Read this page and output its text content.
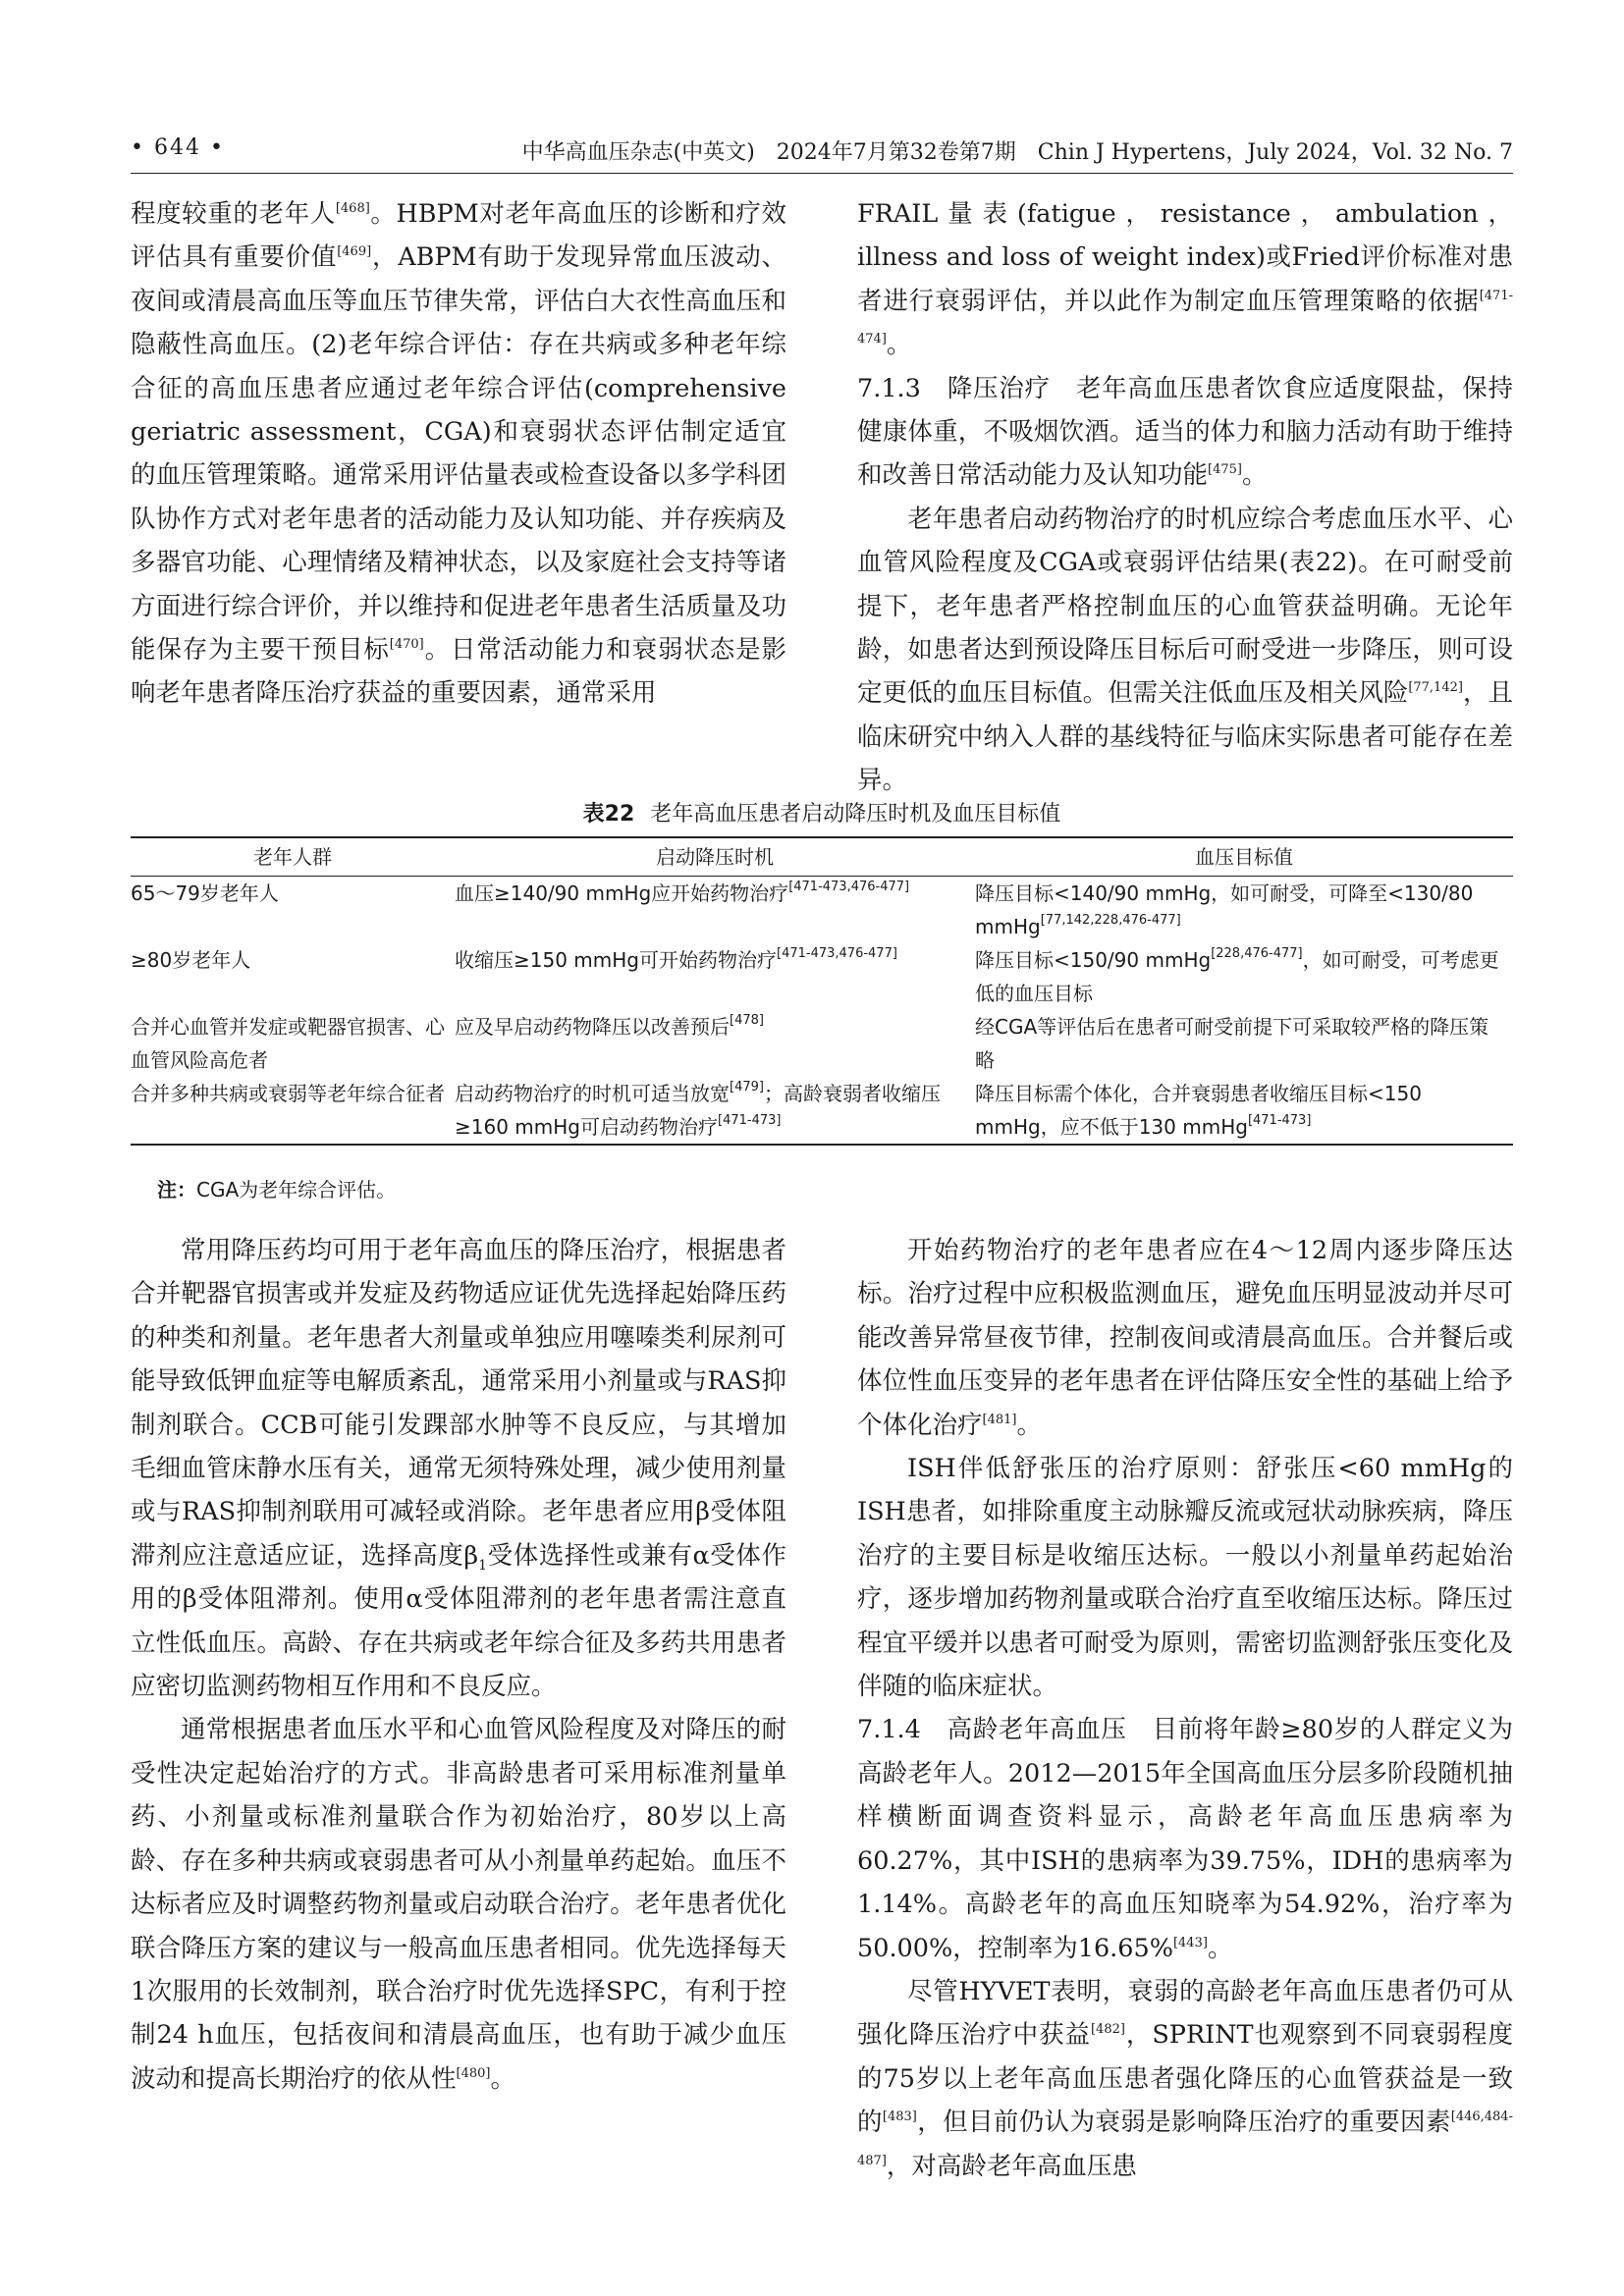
• 644 •	中华高血压杂志(中英文)　2024年7月第32卷第7期　Chin J Hypertens，July 2024，Vol. 32 No. 7

程度较重的老年人[468]。HBPM对老年高血压的诊断和疗效评估具有重要价值[469]，ABPM有助于发现异常血压波动、夜间或清晨高血压等血压节律失常，评估白大衣性高血压和隐蔽性高血压。(2)老年综合评估：存在共病或多种老年综合征的高血压患者应通过老年综合评估(comprehensive geriatric assessment，CGA)和衰弱状态评估制定适宜的血压管理策略。通常采用评估量表或检查设备以多学科团队协作方式对老年患者的活动能力及认知功能、并存疾病及多器官功能、心理情绪及精神状态，以及家庭社会支持等诸方面进行综合评价，并以维持和促进老年患者生活质量及功能保存为主要干预目标[470]。日常活动能力和衰弱状态是影响老年患者降压治疗获益的重要因素，通常采用

FRAIL量表(fatigue，resistance，ambulation，illness and loss of weight index)或Fried评价标准对患者进行衰弱评估，并以此作为制定血压管理策略的依据[471-474]。

7.1.3　降压治疗　老年高血压患者饮食应适度限盐，保持健康体重，不吸烟饮酒。适当的体力和脑力活动有助于维持和改善日常活动能力及认知功能[475]。

老年患者启动药物治疗的时机应综合考虑血压水平、心血管风险程度及CGA或衰弱评估结果(表22)。在可耐受前提下，老年患者严格控制血压的心血管获益明确。无论年龄，如患者达到预设降压目标后可耐受进一步降压，则可设定更低的血压目标值。但需关注低血压及相关风险[77,142]，且临床研究中纳入人群的基线特征与临床实际患者可能存在差异。

表22 老年高血压患者启动降压时机及血压目标值
老年人群	启动降压时机	血压目标值
65～79岁老年人	血压≥140/90 mmHg应开始药物治疗[471-473,476-477]	降压目标<140/90 mmHg，如可耐受，可降至<130/80 mmHg[77,142,228,476-477]
≥80岁老年人	收缩压≥150 mmHg可开始药物治疗[471-473,476-477]	降压目标<150/90 mmHg[228,476-477]，如可耐受，可考虑更低的血压目标
合并心血管并发症或靶器官损害、心血管风险高危者	应及早启动药物降压以改善预后[478]	经CGA等评估后在患者可耐受前提下可采取较严格的降压策略
合并多种共病或衰弱等老年综合征者	启动药物治疗的时机可适当放宽[479]；高龄衰弱者收缩压≥160 mmHg可启动药物治疗[471-473]	降压目标需个体化，合并衰弱患者收缩压目标<150 mmHg，应不低于130 mmHg[471-473]
注：CGA为老年综合评估。

常用降压药均可用于老年高血压的降压治疗，根据患者合并靶器官损害或并发症及药物适应证优先选择起始降压药的种类和剂量。老年患者大剂量或单独应用噻嗪类利尿剂可能导致低钾血症等电解质紊乱，通常采用小剂量或与RAS抑制剂联合。CCB可能引发踝部水肿等不良反应，与其增加毛细血管床静水压有关，通常无须特殊处理，减少使用剂量或与RAS抑制剂联用可减轻或消除。老年患者应用β受体阻滞剂应注意适应证，选择高度$\beta_1$受体选择性或兼有α受体作用的β受体阻滞剂。使用α受体阻滞剂的老年患者需注意直立性低血压。高龄、存在共病或老年综合征及多药共用患者应密切监测药物相互作用和不良反应。

通常根据患者血压水平和心血管风险程度及对降压的耐受性决定起始治疗的方式。非高龄患者可采用标准剂量单药、小剂量或标准剂量联合作为初始治疗，80岁以上高龄、存在多种共病或衰弱患者可从小剂量单药起始。血压不达标者应及时调整药物剂量或启动联合治疗。老年患者优化联合降压方案的建议与一般高血压患者相同。优先选择每天1次服用的长效制剂，联合治疗时优先选择SPC，有利于控制24 h血压，包括夜间和清晨高血压，也有助于减少血压波动和提高长期治疗的依从性[480]。

开始药物治疗的老年患者应在4～12周内逐步降压达标。治疗过程中应积极监测血压，避免血压明显波动并尽可能改善异常昼夜节律，控制夜间或清晨高血压。合并餐后或体位性血压变异的老年患者在评估降压安全性的基础上给予个体化治疗[481]。

ISH伴低舒张压的治疗原则：舒张压<60 mmHg的ISH患者，如排除重度主动脉瓣反流或冠状动脉疾病，降压治疗的主要目标是收缩压达标。一般以小剂量单药起始治疗，逐步增加药物剂量或联合治疗直至收缩压达标。降压过程宜平缓并以患者可耐受为原则，需密切监测舒张压变化及伴随的临床症状。

7.1.4　高龄老年高血压　目前将年龄≥80岁的人群定义为高龄老年人。2012—2015年全国高血压分层多阶段随机抽样横断面调查资料显示，高龄老年高血压患病率为60.27%，其中ISH的患病率为39.75%，IDH的患病率为1.14%。高龄老年的高血压知晓率为54.92%，治疗率为50.00%，控制率为16.65%[443]。

尽管HYVET表明，衰弱的高龄老年高血压患者仍可从强化降压治疗中获益[482]，SPRINT也观察到不同衰弱程度的75岁以上老年高血压患者强化降压的心血管获益是一致的[483]，但目前仍认为衰弱是影响降压治疗的重要因素[446,484-487]，对高龄老年高血压患
